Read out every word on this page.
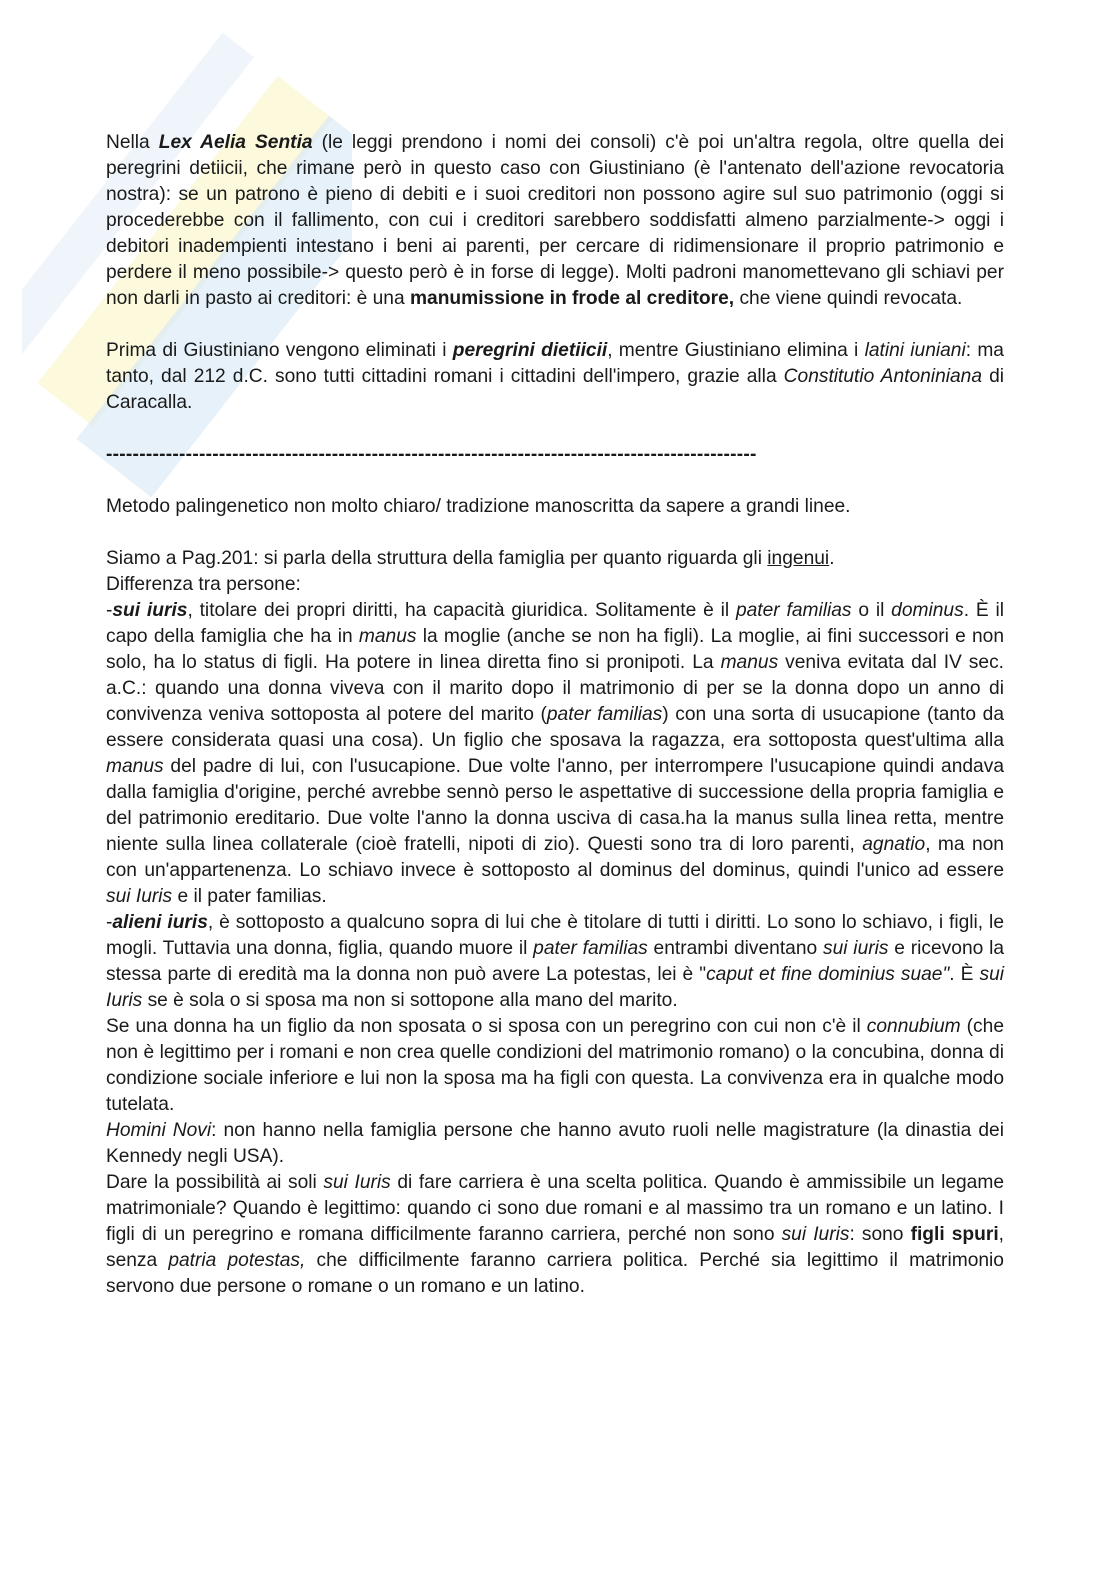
Nella Lex Aelia Sentia (le leggi prendono i nomi dei consoli) c'è poi un'altra regola, oltre quella dei peregrini detiicii, che rimane però in questo caso con Giustiniano (è l'antenato dell'azione revocatoria nostra): se un patrono è pieno di debiti e i suoi creditori non possono agire sul suo patrimonio (oggi si procederebbe con il fallimento, con cui i creditori sarebbero soddisfatti almeno parzialmente-> oggi i debitori inadempienti intestano i beni ai parenti, per cercare di ridimensionare il proprio patrimonio e perdere il meno possibile-> questo però è in forse di legge). Molti padroni manomettevano gli schiavi per non darli in pasto ai creditori: è una manumissione in frode al creditore, che viene quindi revocata.

Prima di Giustiniano vengono eliminati i peregrini dietiicii, mentre Giustiniano elimina i latini iuniani: ma tanto, dal 212 d.C. sono tutti cittadini romani i cittadini dell'impero, grazie alla Constitutio Antoniniana di Caracalla.

--------------------------------------------------------------------------------------------------

Metodo palingenetico non molto chiaro/ tradizione manoscritta da sapere a grandi linee.

Siamo a Pag.201: si parla della struttura della famiglia per quanto riguarda gli ingenui.

Differenza tra persone:

-sui iuris, titolare dei propri diritti, ha capacità giuridica. Solitamente è il pater familias o il dominus. È il capo della famiglia che ha in manus la moglie (anche se non ha figli). La moglie, ai fini successori e non solo, ha lo status di figli. Ha potere in linea diretta fino si pronipoti. La manus veniva evitata dal IV sec. a.C.: quando una donna viveva con il marito dopo il matrimonio di per se la donna dopo un anno di convivenza veniva sottoposta al potere del marito (pater familias) con una sorta di usucapione (tanto da essere considerata quasi una cosa). Un figlio che sposava la ragazza, era sottoposta quest'ultima alla manus del padre di lui, con l'usucapione. Due volte l'anno, per interrompere l'usucapione quindi andava dalla famiglia d'origine, perché avrebbe sennò perso le aspettative di successione della propria famiglia e del patrimonio ereditario. Due volte l'anno la donna usciva di casa.ha la manus sulla linea retta, mentre niente sulla linea collaterale (cioè fratelli, nipoti di zio). Questi sono tra di loro parenti, agnatio, ma non con un'appartenenza. Lo schiavo invece è sottoposto al dominus del dominus, quindi l'unico ad essere sui Iuris e il pater familias.

-alieni iuris, è sottoposto a qualcuno sopra di lui che è titolare di tutti i diritti. Lo sono lo schiavo, i figli, le mogli. Tuttavia una donna, figlia, quando muore il pater familias entrambi diventano sui iuris e ricevono la stessa parte di eredità ma la donna non può avere La potestas, lei è "caput et fine dominius suae". È sui Iuris se è sola o si sposa ma non si sottopone alla mano del marito.

Se una donna ha un figlio da non sposata o si sposa con un peregrino con cui non c'è il connubium (che non è legittimo per i romani e non crea quelle condizioni del matrimonio romano) o la concubina, donna di condizione sociale inferiore e lui non la sposa ma ha figli con questa. La convivenza era in qualche modo tutelata.

Homini Novi: non hanno nella famiglia persone che hanno avuto ruoli nelle magistrature (la dinastia dei Kennedy negli USA).

Dare la possibilità ai soli sui Iuris di fare carriera è una scelta politica. Quando è ammissibile un legame matrimoniale? Quando è legittimo: quando ci sono due romani e al massimo tra un romano e un latino. I figli di un peregrino e romana difficilmente faranno carriera, perché non sono sui Iuris: sono figli spuri, senza patria potestas, che difficilmente faranno carriera politica. Perché sia legittimo il matrimonio servono due persone o romane o un romano e un latino.
